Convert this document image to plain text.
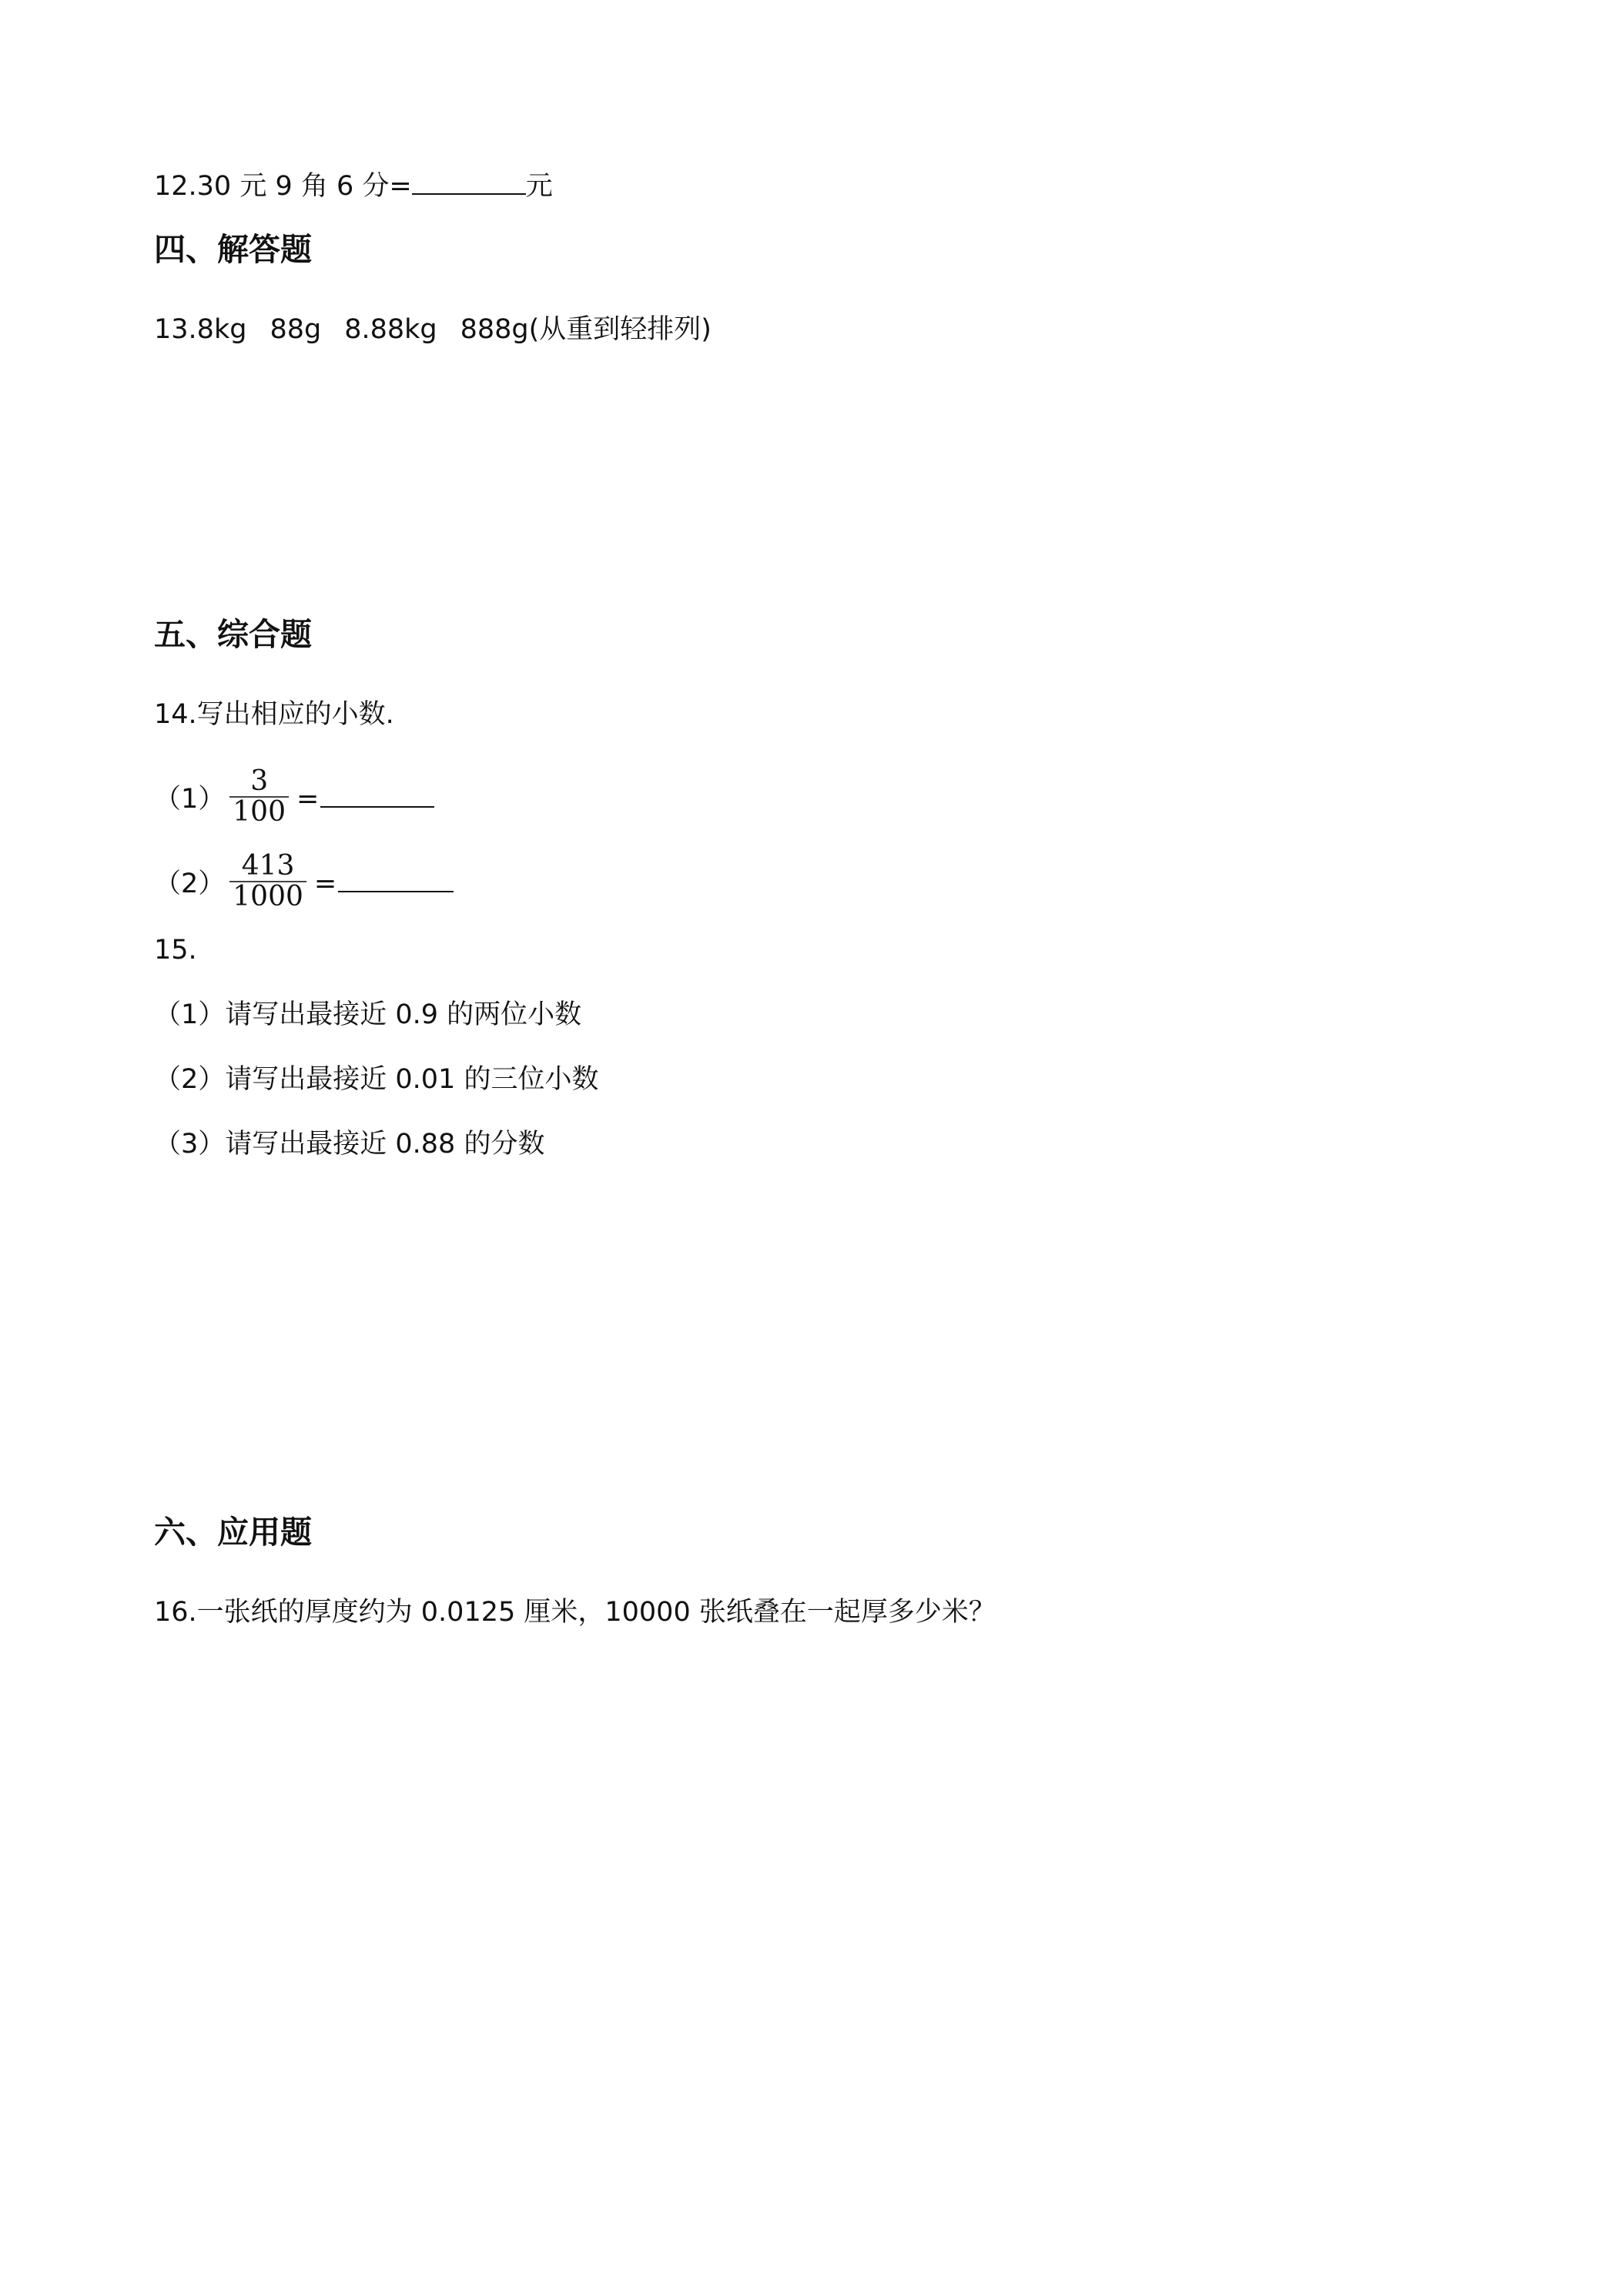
12.30 元 9 角 6 分=	元
四、解答题
13.8kg 88g 8.88kg 888g(从重到轻排列)
五、综合题
14.写出相应的小数.
$(1) \frac{3}{100}$ =
$(2) \frac{413}{1000}$ =
15.
（1）请写出最接近 0.9 的两位小数
（2）请写出最接近 0.01 的三位小数
（3）请写出最接近 0.88 的分数
六、应用题
16.一张纸的厚度约为 0.0125 厘米，10000 张纸叠在一起厚多少米？
